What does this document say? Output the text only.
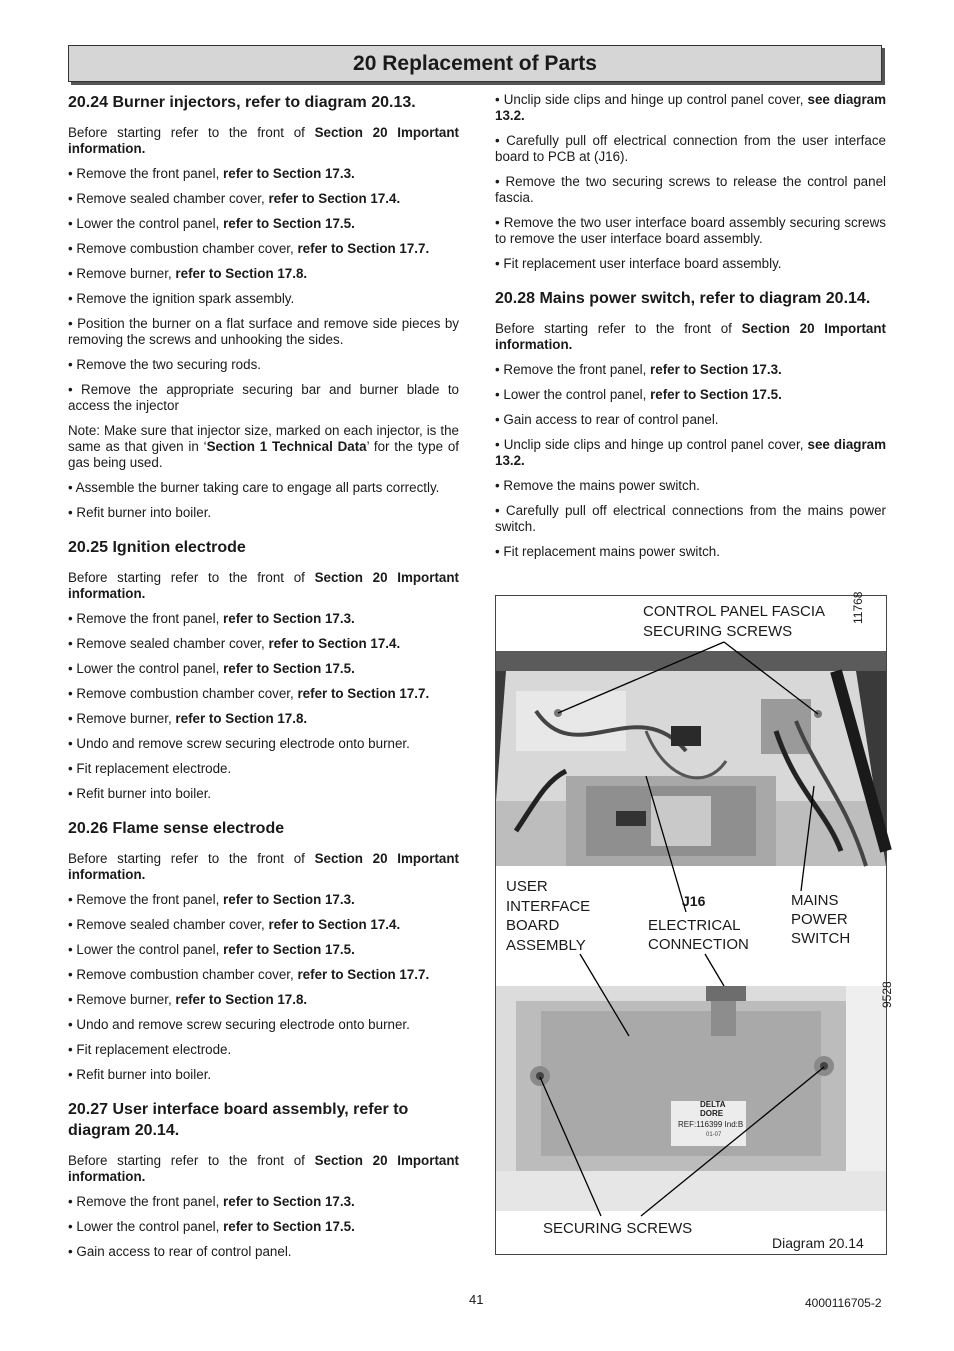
20 Replacement of Parts
20.24 Burner injectors, refer to diagram 20.13.

Before starting refer to the front of Section 20 Important information.

• Remove the front panel, refer to Section 17.3.

• Remove sealed chamber cover, refer to Section 17.4.

• Lower the control panel, refer to Section 17.5.

• Remove combustion chamber cover, refer to Section 17.7.

• Remove burner, refer to Section 17.8.

• Remove the ignition spark assembly.

• Position the burner on a flat surface and remove side pieces by removing the screws and unhooking the sides.

• Remove the two securing rods.

• Remove the appropriate securing bar and burner blade to access the injector

Note: Make sure that injector size, marked on each injector, is the same as that given in ‘Section 1 Technical Data’ for the type of gas being used.

• Assemble the burner taking care to engage all parts correctly.

• Refit burner into boiler.

20.25 Ignition electrode

Before starting refer to the front of Section 20 Important information.

• Remove the front panel, refer to Section 17.3.

• Remove sealed chamber cover, refer to Section 17.4.

• Lower the control panel, refer to Section 17.5.

• Remove combustion chamber cover, refer to Section 17.7.

• Remove burner, refer to Section 17.8.

• Undo and remove screw securing electrode onto burner.

• Fit replacement electrode.

• Refit burner into boiler.

20.26 Flame sense electrode

Before starting refer to the front of Section 20 Important information.

• Remove the front panel, refer to Section 17.3.

• Remove sealed chamber cover, refer to Section 17.4.

• Lower the control panel, refer to Section 17.5.

• Remove combustion chamber cover, refer to Section 17.7.

• Remove burner, refer to Section 17.8.

• Undo and remove screw securing electrode onto burner.

• Fit replacement electrode.

• Refit burner into boiler.

20.27 User interface board assembly, refer to diagram 20.14.

Before starting refer to the front of Section 20 Important information.

• Remove the front panel, refer to Section 17.3.

• Lower the control panel, refer to Section 17.5.

• Gain access to rear of control panel.

• Unclip side clips and hinge up control panel cover, see diagram 13.2.

• Carefully pull off electrical connection from the user interface board to PCB at (J16).

• Remove the two securing screws to release the control panel fascia.

• Remove the two user interface board assembly securing screws to remove the user interface board assembly.

• Fit replacement user interface board assembly.

20.28 Mains power switch, refer to diagram 20.14.

Before starting refer to the front of Section 20 Important information.

• Remove the front panel, refer to Section 17.3.

• Lower the control panel, refer to Section 17.5.

• Gain access to rear of control panel.

• Unclip side clips and hinge up control panel cover, see diagram 13.2.

• Remove the mains power switch.

• Carefully pull off electrical connections from the mains power switch.

• Fit replacement mains power switch.

CONTROL PANEL FASCIA
SECURING SCREWS
11768
USER
INTERFACE
BOARD
ASSEMBLY
J16
ELECTRICAL
CONNECTION
MAINS
POWER
SWITCH
9528
DELTA
DORE
REF:116399 Ind:B
01-07
SECURING SCREWS
Diagram 20.14
41	4000116705-2
